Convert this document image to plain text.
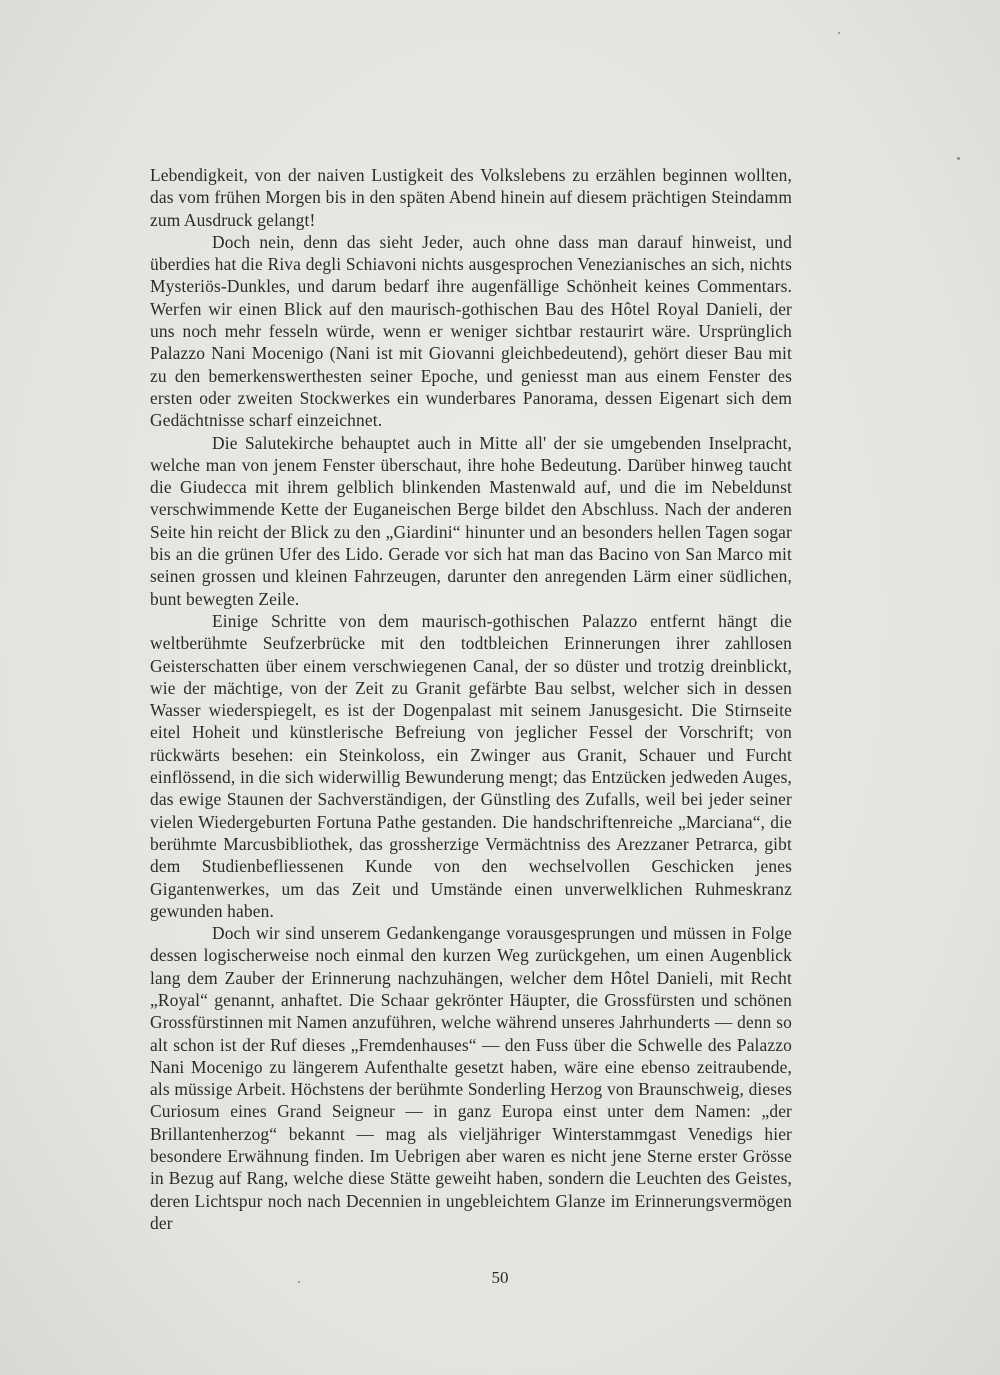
Lebendigkeit, von der naiven Lustigkeit des Volkslebens zu erzählen beginnen wollten, das vom frühen Morgen bis in den späten Abend hinein auf diesem prächtigen Steindamm zum Ausdruck gelangt!

Doch nein, denn das sieht Jeder, auch ohne dass man darauf hinweist, und überdies hat die Riva degli Schiavoni nichts ausgesprochen Venezianisches an sich, nichts Mysteriös-Dunkles, und darum bedarf ihre augenfällige Schönheit keines Commentars. Werfen wir einen Blick auf den maurisch-gothischen Bau des Hôtel Royal Danieli, der uns noch mehr fesseln würde, wenn er weniger sichtbar restaurirt wäre. Ursprünglich Palazzo Nani Mocenigo (Nani ist mit Giovanni gleichbedeutend), gehört dieser Bau mit zu den bemerkenswerthesten seiner Epoche, und geniesst man aus einem Fenster des ersten oder zweiten Stockwerkes ein wunderbares Panorama, dessen Eigenart sich dem Gedächtnisse scharf einzeichnet.

Die Salutekirche behauptet auch in Mitte all' der sie umgebenden Inselpracht, welche man von jenem Fenster überschaut, ihre hohe Bedeutung. Darüber hinweg taucht die Giudecca mit ihrem gelblich blinkenden Mastenwald auf, und die im Nebeldunst verschwimmende Kette der Euganeischen Berge bildet den Abschluss. Nach der anderen Seite hin reicht der Blick zu den „Giardini“ hinunter und an besonders hellen Tagen sogar bis an die grünen Ufer des Lido. Gerade vor sich hat man das Bacino von San Marco mit seinen grossen und kleinen Fahrzeugen, darunter den anregenden Lärm einer südlichen, bunt bewegten Zeile.

Einige Schritte von dem maurisch-gothischen Palazzo entfernt hängt die weltberühmte Seufzerbrücke mit den todtbleichen Erinnerungen ihrer zahllosen Geisterschatten über einem verschwiegenen Canal, der so düster und trotzig dreinblickt, wie der mächtige, von der Zeit zu Granit gefärbte Bau selbst, welcher sich in dessen Wasser wiederspiegelt, es ist der Dogenpalast mit seinem Janusgesicht. Die Stirnseite eitel Hoheit und künstlerische Befreiung von jeglicher Fessel der Vorschrift; von rückwärts besehen: ein Steinkoloss, ein Zwinger aus Granit, Schauer und Furcht einflössend, in die sich widerwillig Bewunderung mengt; das Entzücken jedweden Auges, das ewige Staunen der Sachverständigen, der Günstling des Zufalls, weil bei jeder seiner vielen Wiedergeburten Fortuna Pathe gestanden. Die handschriftenreiche „Marciana“, die berühmte Marcusbibliothek, das grossherzige Vermächtniss des Arezzaner Petrarca, gibt dem Studienbefliessenen Kunde von den wechselvollen Geschicken jenes Gigantenwerkes, um das Zeit und Umstände einen unverwelklichen Ruhmeskranz gewunden haben.

Doch wir sind unserem Gedankengange vorausgesprungen und müssen in Folge dessen logischerweise noch einmal den kurzen Weg zurückgehen, um einen Augenblick lang dem Zauber der Erinnerung nachzuhängen, welcher dem Hôtel Danieli, mit Recht „Royal“ genannt, anhaftet. Die Schaar gekrönter Häupter, die Grossfürsten und schönen Grossfürstinnen mit Namen anzuführen, welche während unseres Jahrhunderts — denn so alt schon ist der Ruf dieses „Fremdenhauses“ — den Fuss über die Schwelle des Palazzo Nani Mocenigo zu längerem Aufenthalte gesetzt haben, wäre eine ebenso zeitraubende, als müssige Arbeit. Höchstens der berühmte Sonderling Herzog von Braunschweig, dieses Curiosum eines Grand Seigneur — in ganz Europa einst unter dem Namen: „der Brillantenherzog“ bekannt — mag als vieljähriger Winterstammgast Venedigs hier besondere Erwähnung finden. Im Uebrigen aber waren es nicht jene Sterne erster Grösse in Bezug auf Rang, welche diese Stätte geweiht haben, sondern die Leuchten des Geistes, deren Lichtspur noch nach Decennien in ungebleichtem Glanze im Erinnerungsvermögen der

50
